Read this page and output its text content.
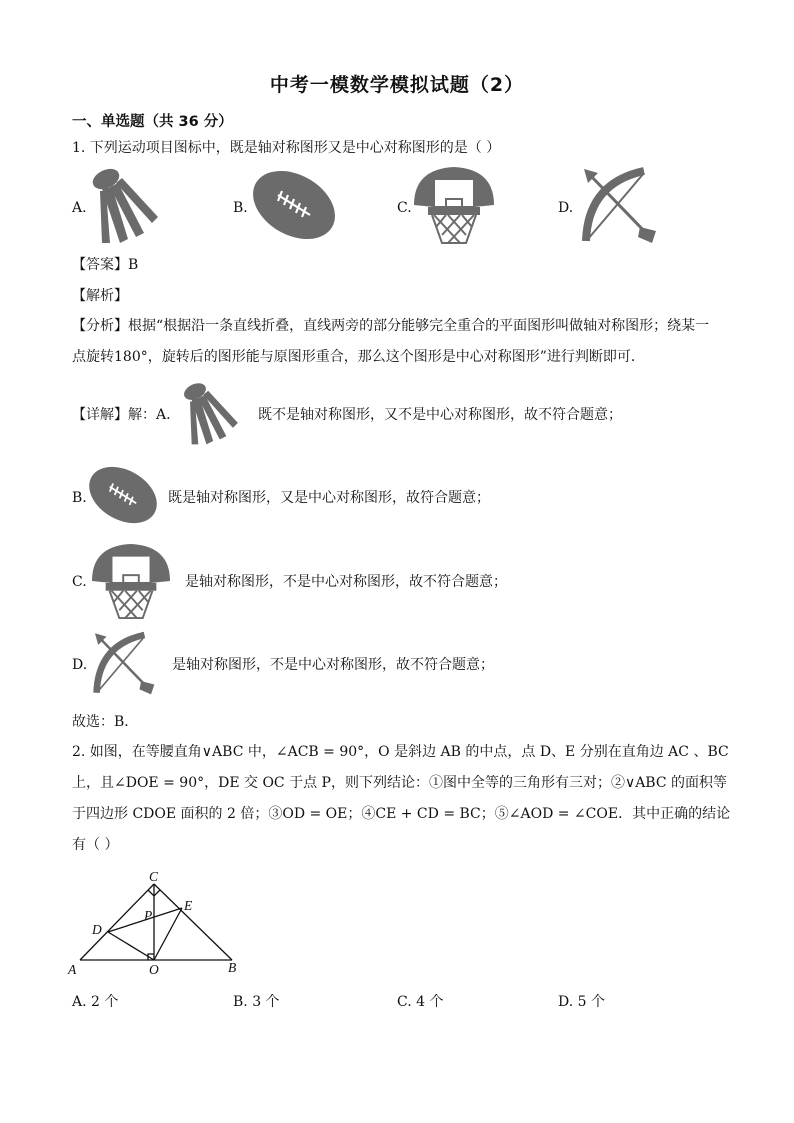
中考一模数学模拟试题（2）
一、单选题（共 36 分）
1. 下列运动项目图标中，既是轴对称图形又是中心对称图形的是（ ）
A.	B.	C.	D.
【答案】B
【解析】
【分析】根据“根据沿一条直线折叠，直线两旁的部分能够完全重合的平面图形叫做轴对称图形；绕某一
点旋转180°，旋转后的图形能与原图形重合，那么这个图形是中心对称图形”进行判断即可．
【详解】解：A.	既不是轴对称图形，又不是中心对称图形，故不符合题意；
B.	既是轴对称图形，又是中心对称图形，故符合题意；
C.	是轴对称图形，不是中心对称图形，故不符合题意；
D.	是轴对称图形，不是中心对称图形，故不符合题意；
故选：B．
2. 如图，在等腰直角∨ABC 中，∠ACB = 90°，O 是斜边 AB 的中点，点 D、E 分别在直角边 AC 、BC
上，且∠DOE = 90°，DE 交 OC 于点 P，则下列结论：①图中全等的三角形有三对；②∨ABC 的面积等
于四边形 CDOE 面积的 2 倍；③OD = OE；④CE + CD = BC；⑤∠AOD = ∠COE．其中正确的结论
有（ ）
C
A	B
D
E
O
P
A. 2 个	B. 3 个	C. 4 个	D. 5 个
